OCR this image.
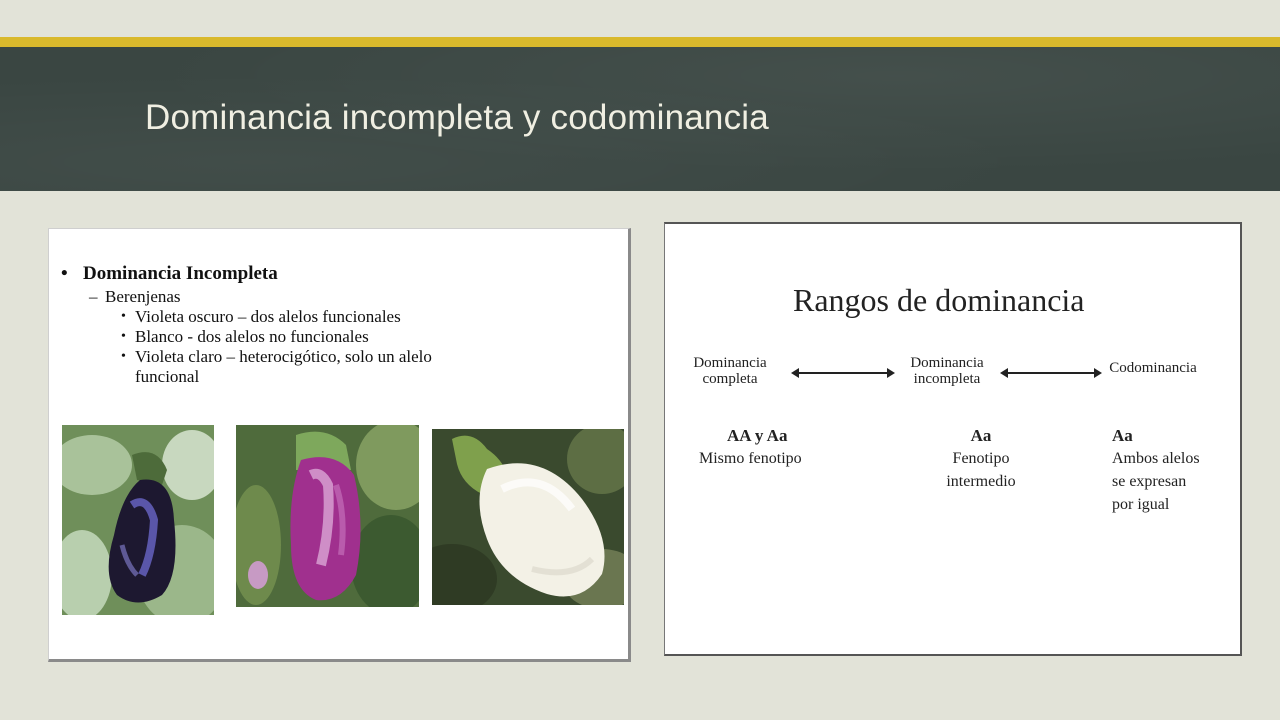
Dominancia incompleta y codominancia
• Dominancia Incompleta
– Berenjenas
• Violeta oscuro – dos alelos funcionales
• Blanco - dos alelos no funcionales
• Violeta claro – heterocigótico, solo un alelo funcional
Rangos de dominancia
Dominancia completa
Dominancia incompleta
Codominancia
AA y Aa
Mismo fenotipo
Aa
Fenotipo
intermedio
Aa
Ambos alelos
se expresan
por igual
